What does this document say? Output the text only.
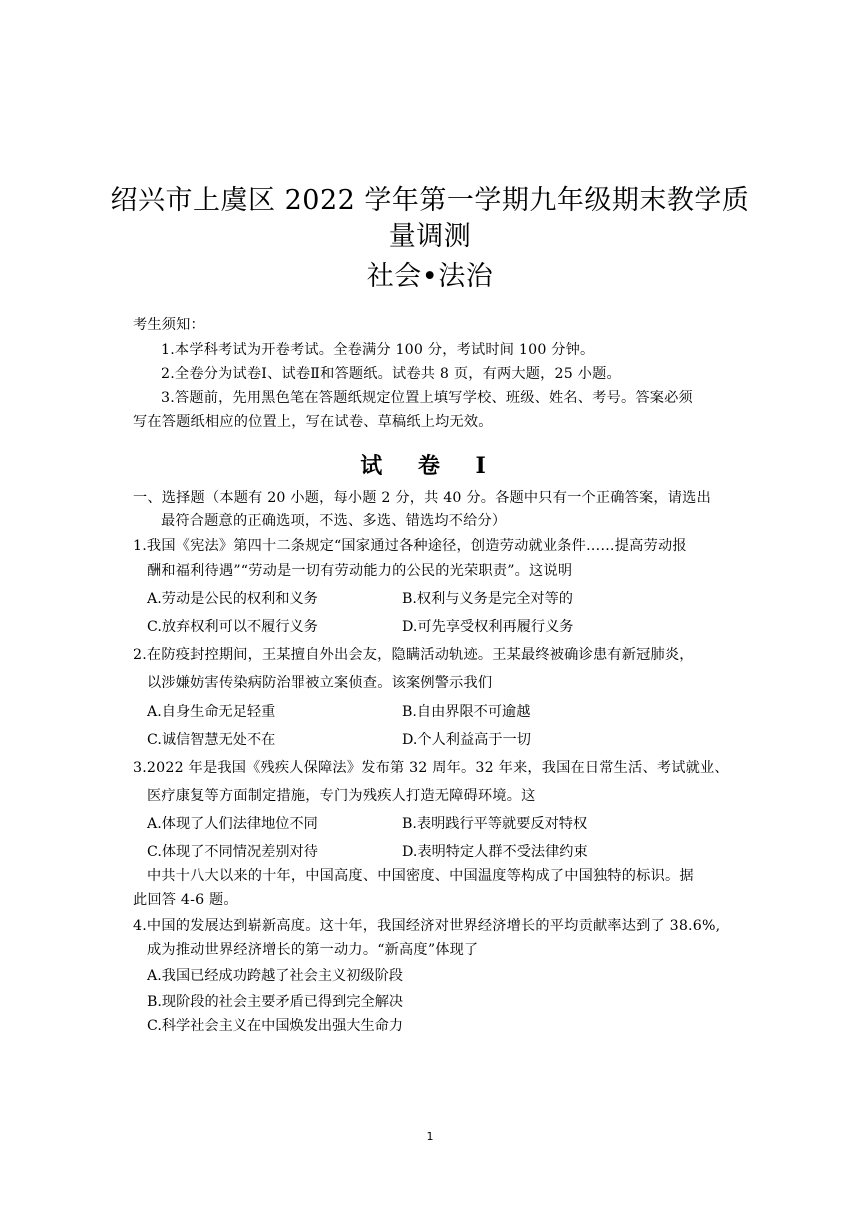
绍兴市上虞区 2022 学年第一学期九年级期末教学质
量调测
社会•法治
考生须知：
1.本学科考试为开卷考试。全卷满分 100 分，考试时间 100 分钟。
2.全卷分为试卷Ⅰ、试卷Ⅱ和答题纸。试卷共 8 页，有两大题，25 小题。
3.答题前，先用黑色笔在答题纸规定位置上填写学校、班级、姓名、考号。答案必须
写在答题纸相应的位置上，写在试卷、草稿纸上均无效。
试 卷 Ⅰ
一、选择题（本题有 20 小题，每小题 2 分，共 40 分。各题中只有一个正确答案，请选出
最符合题意的正确选项，不选、多选、错选均不给分）
1.我国《宪法》第四十二条规定“国家通过各种途径，创造劳动就业条件……提高劳动报
酬和福利待遇”“劳动是一切有劳动能力的公民的光荣职责”。这说明
A.劳动是公民的权利和义务	B.权利与义务是完全对等的
C.放弃权利可以不履行义务	D.可先享受权利再履行义务
2.在防疫封控期间，王某擅自外出会友，隐瞒活动轨迹。王某最终被确诊患有新冠肺炎，
以涉嫌妨害传染病防治罪被立案侦查。该案例警示我们
A.自身生命无足轻重	B.自由界限不可逾越
C.诚信智慧无处不在	D.个人利益高于一切
3.2022 年是我国《残疾人保障法》发布第 32 周年。32 年来，我国在日常生活、考试就业、
医疗康复等方面制定措施，专门为残疾人打造无障碍环境。这
A.体现了人们法律地位不同	B.表明践行平等就要反对特权
C.体现了不同情况差别对待	D.表明特定人群不受法律约束
中共十八大以来的十年，中国高度、中国密度、中国温度等构成了中国独特的标识。据
此回答 4-6 题。
4.中国的发展达到崭新高度。这十年，我国经济对世界经济增长的平均贡献率达到了 38.6%,
成为推动世界经济增长的第一动力。“新高度”体现了
A.我国已经成功跨越了社会主义初级阶段
B.现阶段的社会主要矛盾已得到完全解决
C.科学社会主义在中国焕发出强大生命力
1
